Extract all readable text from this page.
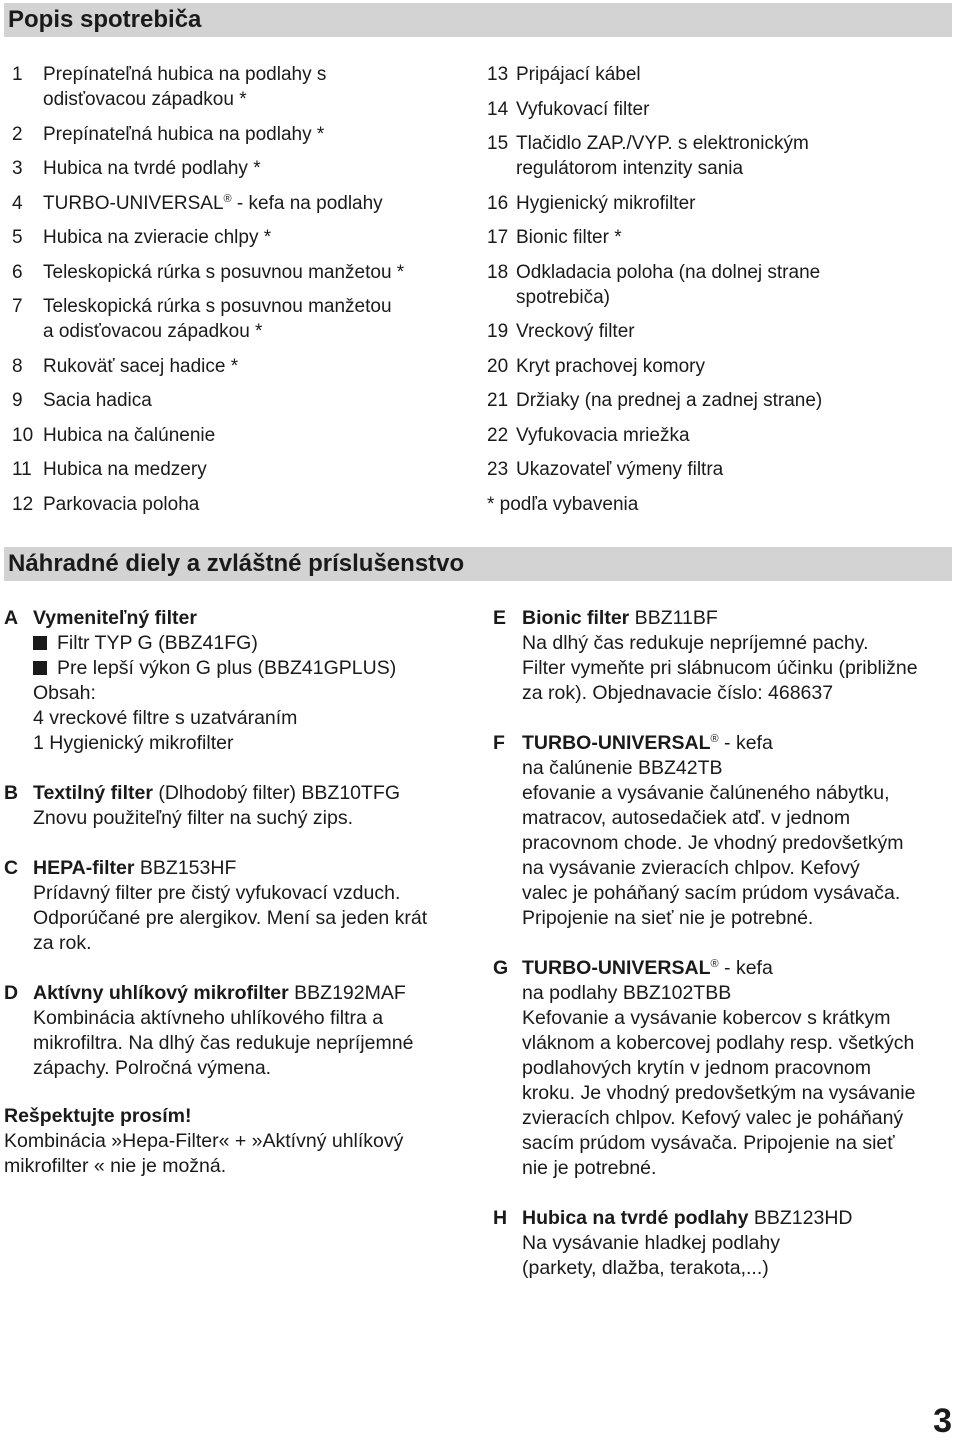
Popis spotrebiča
1	Prepínateľná hubica na podlahy s
odisťovacou západkou *
2	Prepínateľná hubica na podlahy *
3	Hubica na tvrdé podlahy *
4	TURBO-UNIVERSAL® - kefa na podlahy
5	Hubica na zvieracie chlpy *
6	Teleskopická rúrka s posuvnou manžetou *
7	Teleskopická rúrka s posuvnou manžetou
a odisťovacou západkou *
8	Rukoväť sacej hadice *
9	Sacia hadica
10 Hubica na čalúnenie
11 Hubica na medzery
12 Parkovacia poloha
13 Pripájací kábel
14 Vyfukovací filter
15 Tlačidlo ZAP./VYP. s elektronickým
regulátorom intenzity sania
16 Hygienický mikrofilter
17 Bionic filter *
18 Odkladacia poloha (na dolnej strane
spotrebiča)
19 Vreckový filter
20 Kryt prachovej komory
21 Držiaky (na prednej a zadnej strane)
22 Vyfukovacia mriežka
23 Ukazovateľ výmeny filtra
* podľa vybavenia
Náhradné diely a zvláštné príslušenstvo
A Vymeniteľný filter
Filtr TYP G (BBZ41FG)
Pre lepší výkon G plus (BBZ41GPLUS)
Obsah:
4 vreckové filtre s uzatváraním
1 Hygienický mikrofilter
B Textilný filter (Dlhodobý filter) BBZ10TFG
Znovu použiteľný filter na suchý zips.
C HEPA-filter BBZ153HF
Prídavný filter pre čistý vyfukovací vzduch.
Odporúčané pre alergikov. Mení sa jeden krát
za rok.
D Aktívny uhlíkový mikrofilter BBZ192MAF
Kombinácia aktívneho uhlíkového filtra a
mikrofiltra. Na dlhý čas redukuje nepríjemné
zápachy. Polročná výmena.
Rešpektujte prosím!
Kombinácia »Hepa-Filter« + »Aktívný uhlíkový
mikrofilter « nie je možná.
E Bionic filter BBZ11BF
Na dlhý čas redukuje nepríjemné pachy.
Filter vymeňte pri slábnucom účinku (približne
za rok). Objednavacie číslo: 468637
F TURBO-UNIVERSAL® - kefa
na čalúnenie BBZ42TB
efovanie a vysávanie čalúneného nábytku,
matracov, autosedačiek atď. v jednom
pracovnom chode. Je vhodný predovšetkým
na vysávanie zvieracích chlpov. Kefový
valec je poháňaný sacím prúdom vysávača.
Pripojenie na sieť nie je potrebné.
G TURBO-UNIVERSAL® - kefa
na podlahy BBZ102TBB
Kefovanie a vysávanie kobercov s krátkym
vláknom a kobercovej podlahy resp. všetkých
podlahových krytín v jednom pracovnom
kroku. Je vhodný predovšetkým na vysávanie
zvieracích chlpov. Kefový valec je poháňaný
sacím prúdom vysávača. Pripojenie na sieť
nie je potrebné.
H Hubica na tvrdé podlahy BBZ123HD
Na vysávanie hladkej podlahy
(parkety, dlažba, terakota,...)
3
